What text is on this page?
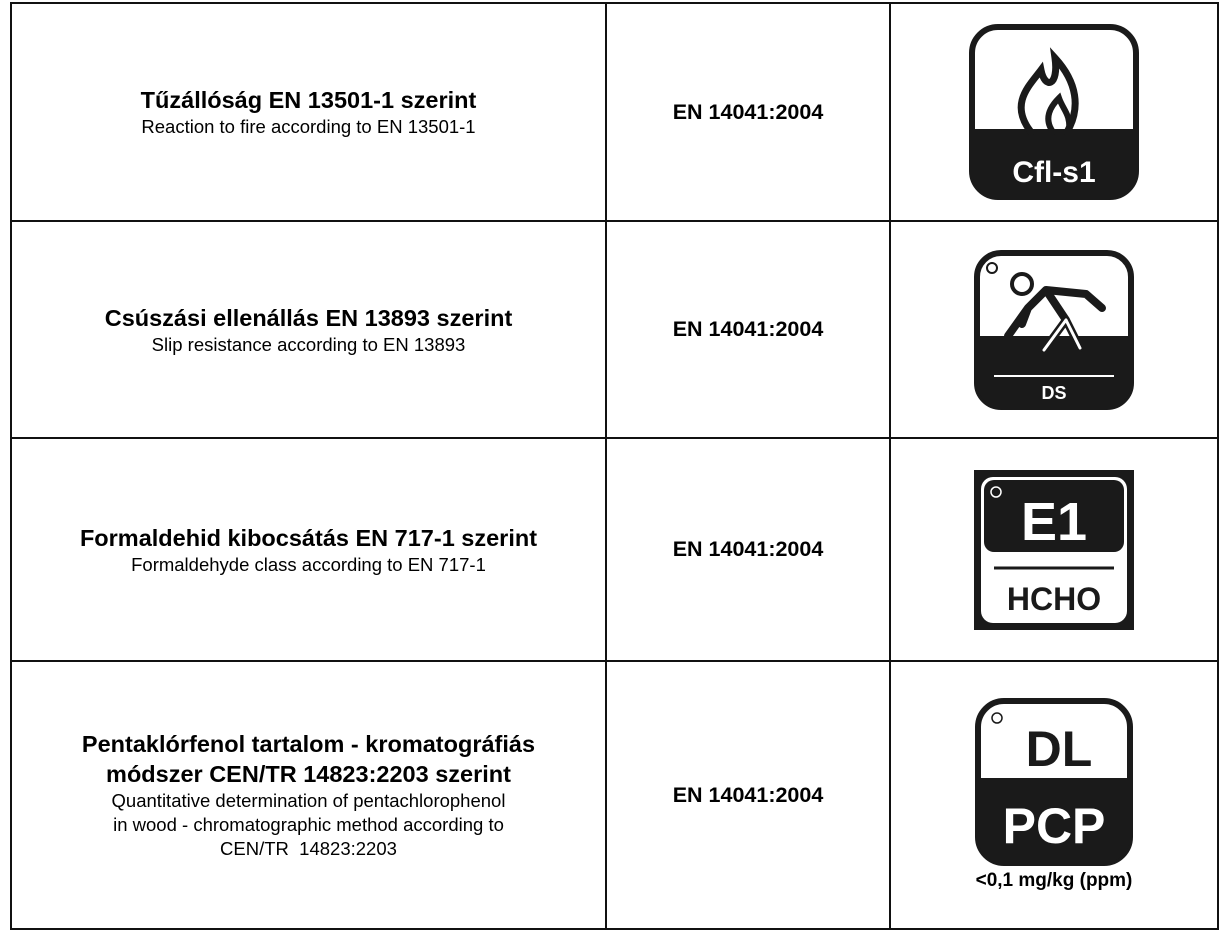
Tűzállóság EN 13501-1 szerint
Reaction to fire according to EN 13501-1
EN 14041:2004
Cfl-s1
Csúszási ellenállás EN 13893 szerint
Slip resistance according to EN 13893
EN 14041:2004
DS
Formaldehid kibocsátás EN 717-1 szerint
Formaldehyde class according to EN 717-1
EN 14041:2004	E1
HCHO
Pentaklórfenol tartalom - kromatográfiás
módszer CEN/TR 14823:2203 szerint
Quantitative determination of pentachlorophenol
in wood - chromatographic method according to
CEN/TR  14823:2203
EN 14041:2004
DL
PCP
<0,1 mg/kg (ppm)
